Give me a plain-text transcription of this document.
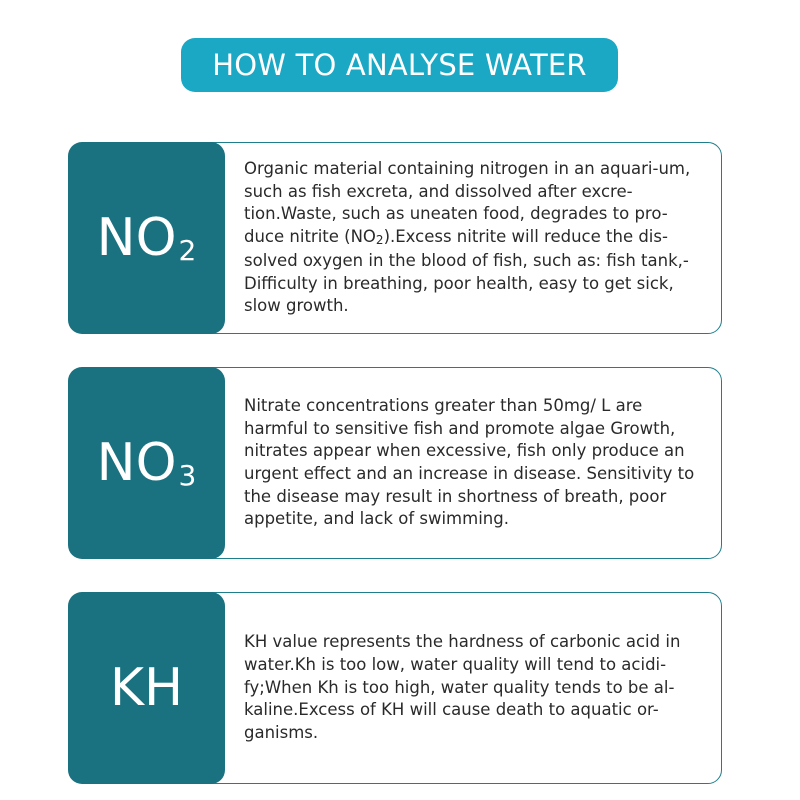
HOW TO ANALYSE WATER
NO 2

Organic material containing nitrogen in an aquari-um, such as fish excreta, and dissolved after excre-tion.Waste, such as uneaten food, degrades to pro-duce nitrite (NO2).Excess nitrite will reduce the dis-solved oxygen in the blood of fish, such as: fish tank,-Difficulty in breathing, poor health, easy to get sick, slow growth.

NO 3

Nitrate concentrations greater than 50mg/ L are harmful to sensitive fish and promote algae Growth, nitrates appear when excessive, fish only produce an urgent effect and an increase in disease. Sensitivity to the disease may result in shortness of breath, poor appetite, and lack of swimming.

KH

KH value represents the hardness of carbonic acid in water.Kh is too low, water quality will tend to acidi-fy;When Kh is too high, water quality tends to be al-kaline.Excess of KH will cause death to aquatic or-ganisms.
